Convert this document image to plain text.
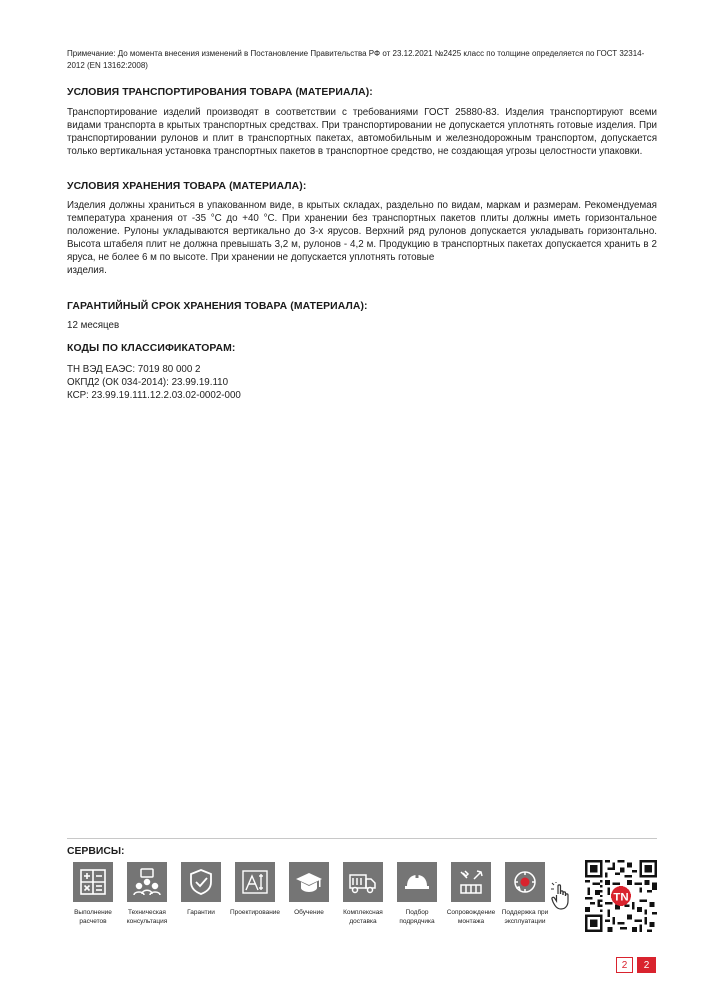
Примечание: До момента внесения изменений в Постановление Правительства РФ от 23.12.2021 №2425 класс по толщине определяется по ГОСТ 32314-2012 (EN 13162:2008)
УСЛОВИЯ ТРАНСПОРТИРОВАНИЯ ТОВАРА (МАТЕРИАЛА):
Транспортирование изделий производят в соответствии с требованиями ГОСТ 25880-83. Изделия транспортируют всеми видами транспорта в крытых транспортных средствах. При транспортировании не допускается уплотнять готовые изделия. При транспортировании рулонов и плит в транспортных пакетах, автомобильным и железнодорожным транспортом, допускается только вертикальная установка транспортных пакетов в транспортное средство, не создающая угрозы целостности упаковки.
УСЛОВИЯ ХРАНЕНИЯ ТОВАРА (МАТЕРИАЛА):
Изделия должны храниться в упакованном виде, в крытых складах, раздельно по видам, маркам и размерам. Рекомендуемая температура хранения от -35 °С до +40 °С. При хранении без транспортных пакетов плиты должны иметь горизонтальное положение. Рулоны укладываются вертикально до 3-х ярусов. Верхний ряд рулонов допускается укладывать горизонтально. Высота штабеля плит не должна превышать 3,2 м, рулонов - 4,2 м. Продукцию в транспортных пакетах допускается хранить в 2 яруса, не более 6 м по высоте. При хранении не допускается уплотнять готовые
изделия.
ГАРАНТИЙНЫЙ СРОК ХРАНЕНИЯ ТОВАРА (МАТЕРИАЛА):
12 месяцев
КОДЫ ПО КЛАССИФИКАТОРАМ:
ТН ВЭД ЕАЭС: 7019 80 000 2
ОКПД2 (ОК 034-2014): 23.99.19.110
КСР: 23.99.19.111.12.2.03.02-0002-000
СЕРВИСЫ:
Выполнение
расчетов
Техническая
консультация
Гарантии	Проектирование	Обучение	Комплексная
доставка
Подбор
подрядчика
Сопровождение
монтажа
Поддержка при
эксплуатации
TN
2	2
